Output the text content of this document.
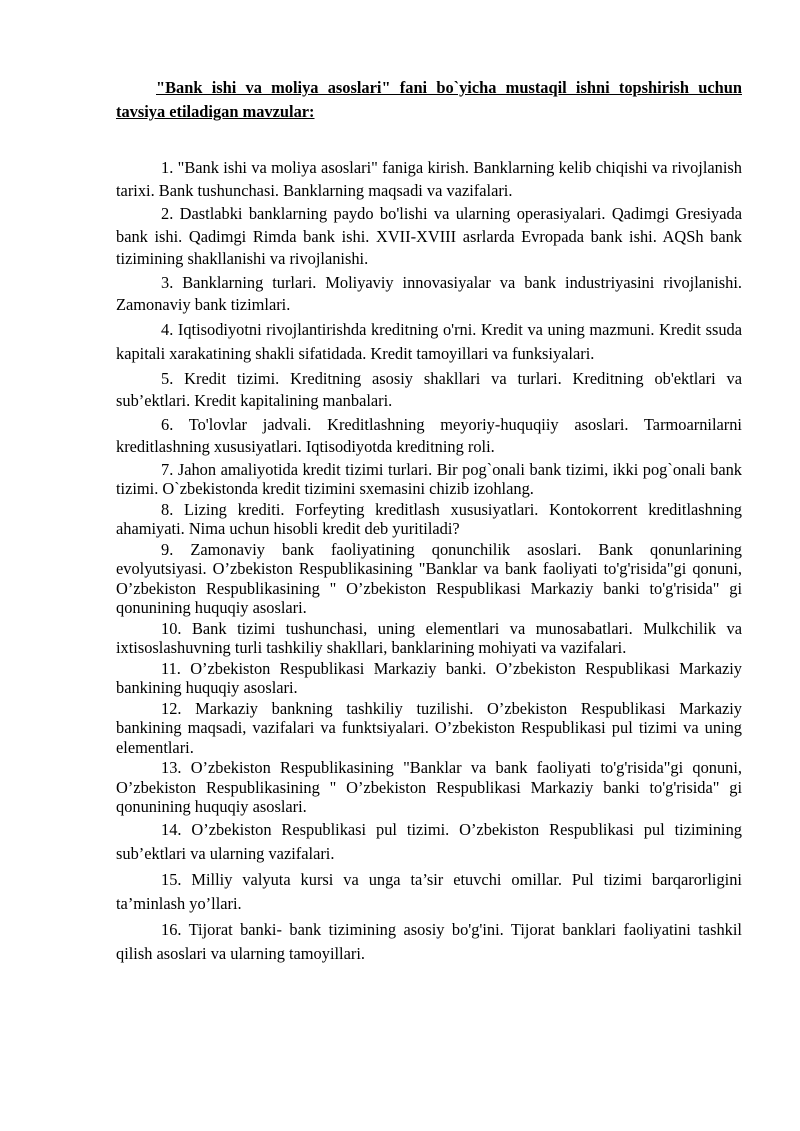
"Bank ishi va moliya asoslari" fani bo`yicha mustaqil ishni topshirish uchun tavsiya etiladigan mavzular:

1. "Bank ishi va moliya asoslari" faniga kirish. Banklarning kelib chiqishi va rivojlanish tarixi. Bank tushunchasi. Banklarning maqsadi va vazifalari.

2. Dastlabki banklarning paydo bo'lishi va ularning operasiyalari. Qadimgi Gresiyada bank ishi. Qadimgi Rimda bank ishi. XVII-XVIII asrlarda Evropada bank ishi. AQSh bank tizimining shakllanishi va rivojlanishi.

3. Banklarning turlari. Moliyaviy innovasiyalar va bank industriyasini rivojlanishi. Zamonaviy bank tizimlari.

4. Iqtisodiyotni rivojlantirishda kreditning o'rni. Kredit va uning mazmuni. Kredit ssuda kapitali xarakatining shakli sifatidada. Kredit tamoyillari va funksiyalari.

5. Kredit tizimi. Kreditning asosiy shakllari va turlari. Kreditning ob'ektlari va sub’ektlari. Kredit kapitalining manbalari.

6. To'lovlar jadvali. Kreditlashning meyoriy-huquqiiy asoslari. Tarmoarnilarni kreditlashning xususiyatlari. Iqtisodiyotda kreditning roli.

7. Jahon amaliyotida kredit tizimi turlari. Bir pog`onali bank tizimi, ikki pog`onali bank tizimi. O`zbekistonda kredit tizimini sxemasini chizib izohlang.

8. Lizing krediti. Forfeyting kreditlash xususiyatlari. Kontokorrent kreditlashning ahamiyati. Nima uchun hisobli kredit deb yuritiladi?

9. Zamonaviy bank faoliyatining qonunchilik asoslari. Bank qonunlarining evolyutsiyasi. O’zbekiston Respublikasining "Banklar va bank faoliyati to'g'risida"gi qonuni, O’zbekiston Respublikasining " O’zbekiston Respublikasi Markaziy banki to'g'risida" gi qonunining huquqiy asoslari.

10. Bank tizimi tushunchasi, uning elementlari va munosabatlari. Mulkchilik va ixtisoslashuvning turli tashkiliy shakllari, banklarining mohiyati va vazifalari.

11. O’zbekiston Respublikasi Markaziy banki. O’zbekiston Respublikasi Markaziy bankining huquqiy asoslari.

12. Markaziy bankning tashkiliy tuzilishi. O’zbekiston Respublikasi Markaziy bankining maqsadi, vazifalari va funktsiyalari. O’zbekiston Respublikasi pul tizimi va uning elementlari.

13. O’zbekiston Respublikasining "Banklar va bank faoliyati to'g'risida"gi qonuni, O’zbekiston Respublikasining " O’zbekiston Respublikasi Markaziy banki to'g'risida" gi qonunining huquqiy asoslari.

14. O’zbekiston Respublikasi pul tizimi. O’zbekiston Respublikasi pul tizimining sub’ektlari va ularning vazifalari.

15. Milliy valyuta kursi va unga ta’sir etuvchi omillar. Pul tizimi barqarorligini ta’minlash yo’llari.

16. Tijorat banki- bank tizimining asosiy bo'g'ini. Tijorat banklari faoliyatini tashkil qilish asoslari va ularning tamoyillari.
